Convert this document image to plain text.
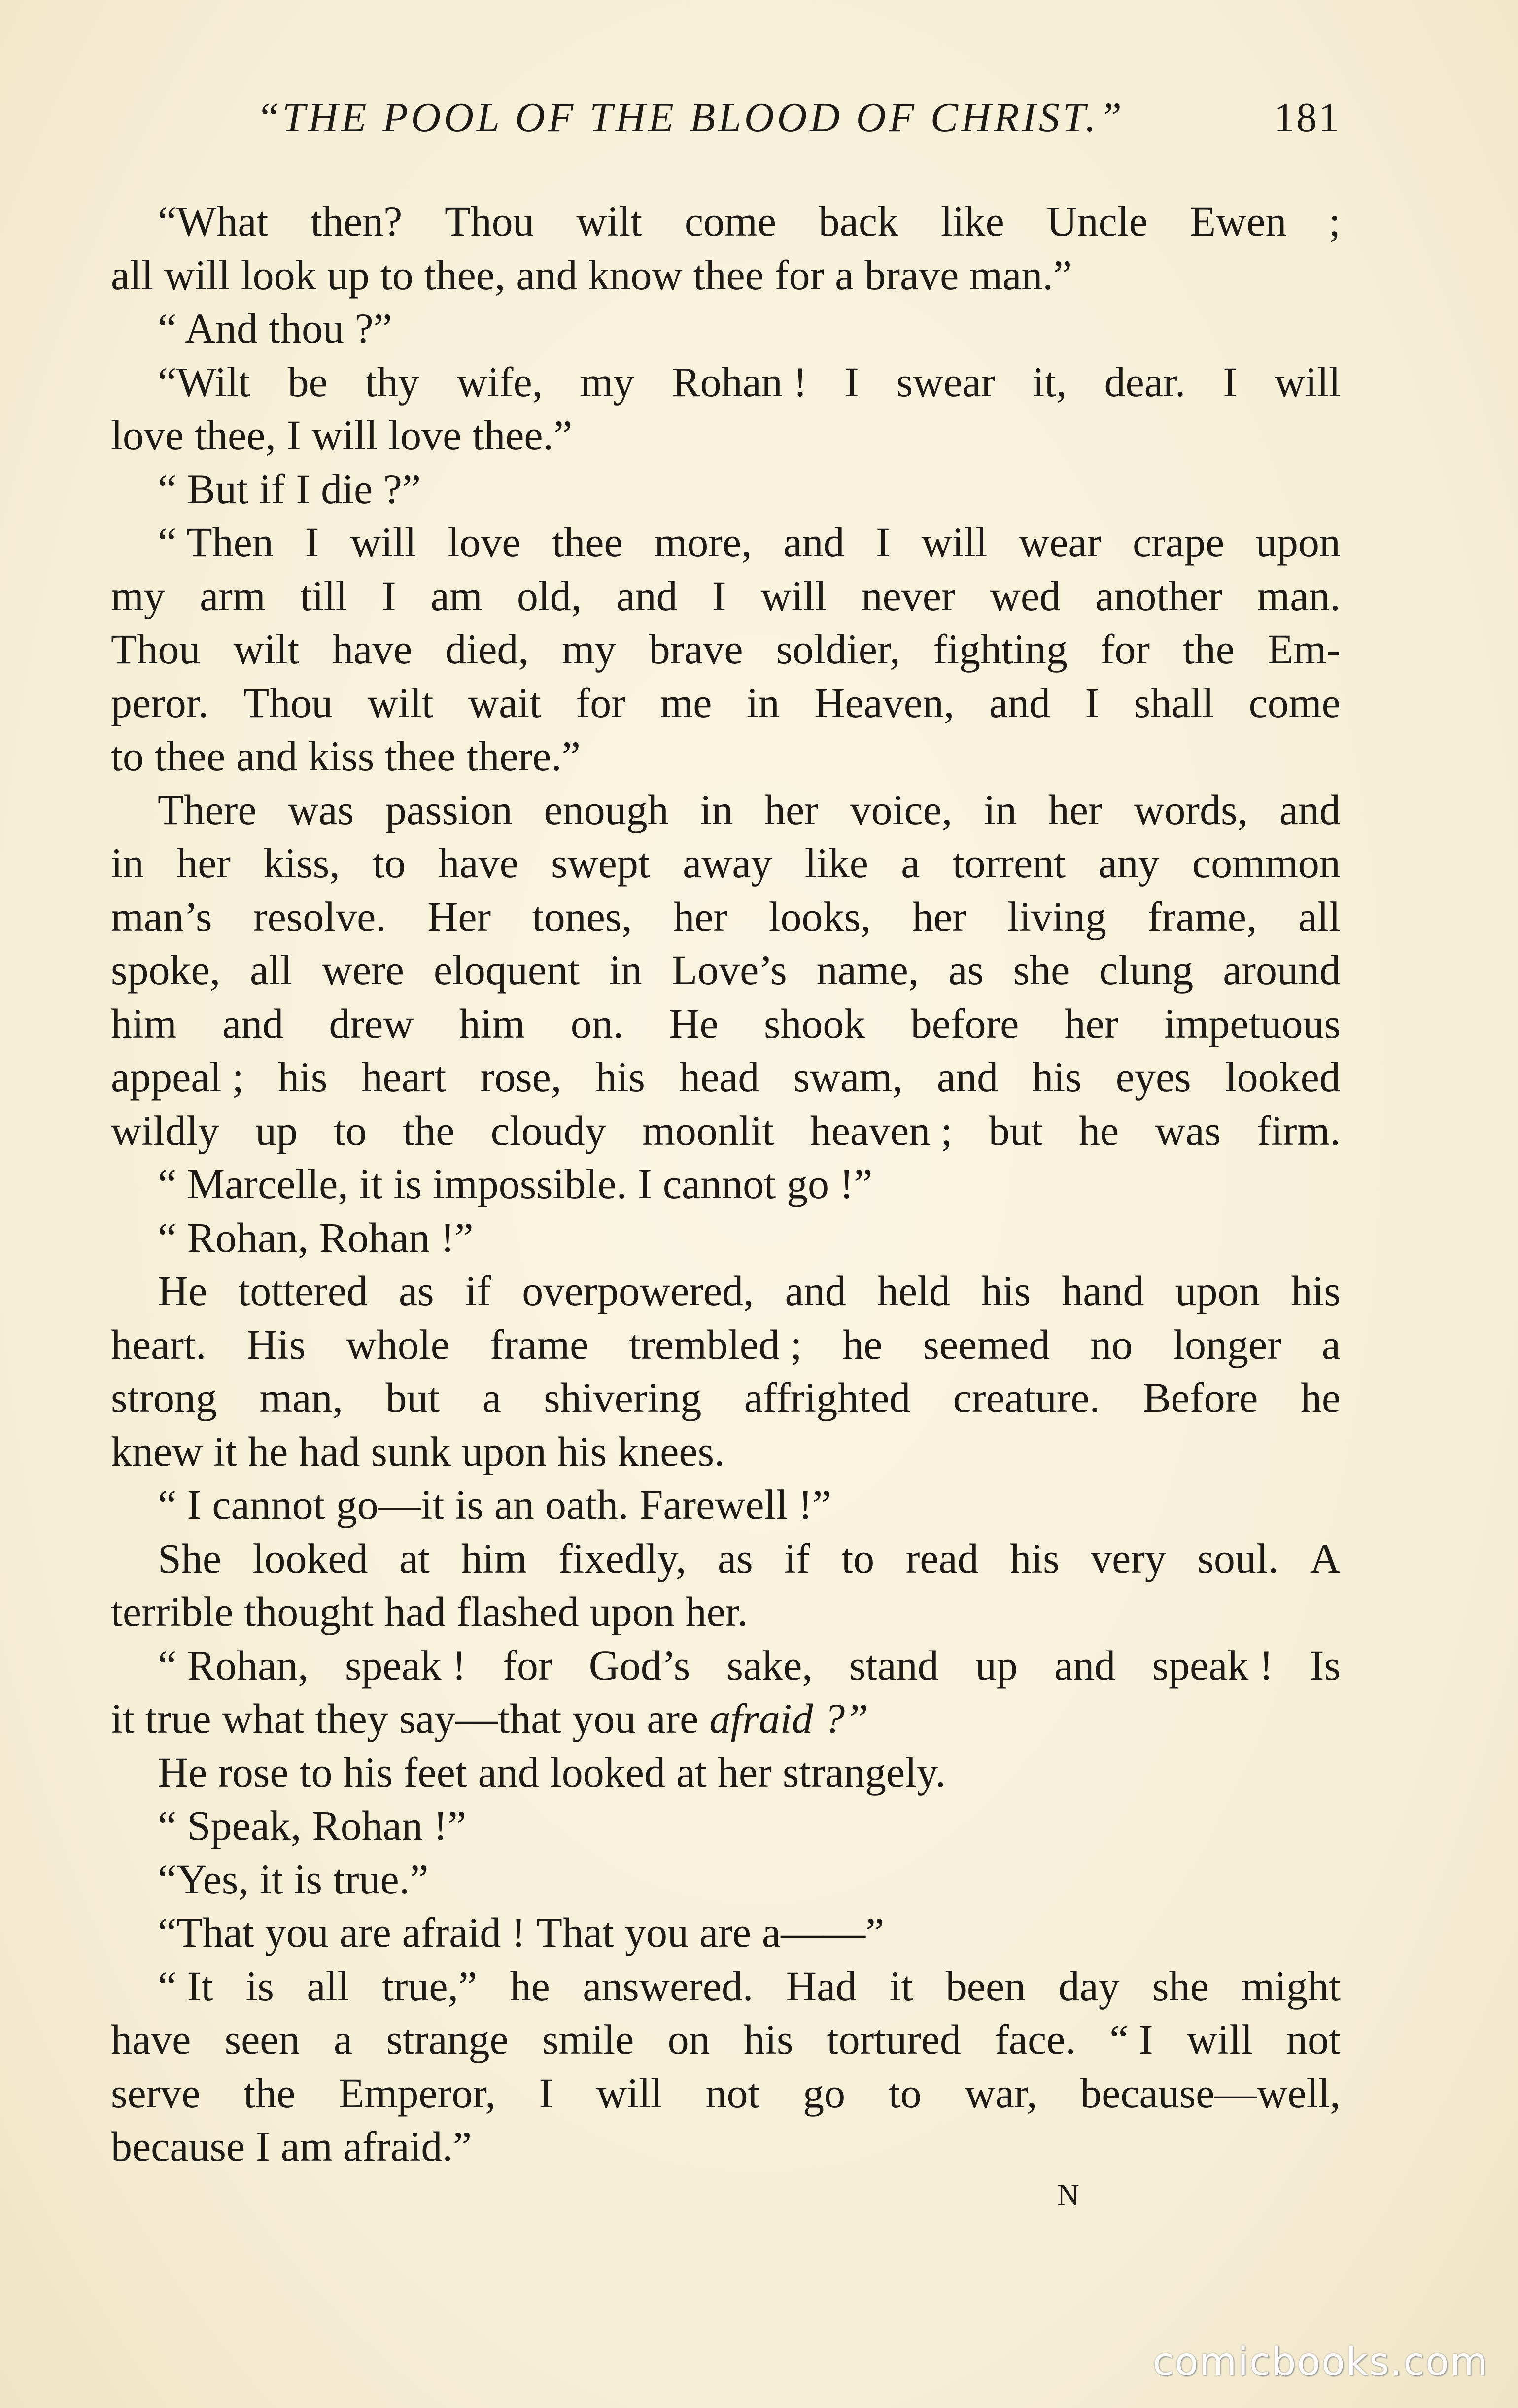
“THE POOL OF THE BLOOD OF CHRIST.”	181
“What then? Thou wilt come back like Uncle Ewen ;
all will look up to thee, and know thee for a brave man.”
“ And thou ?”
“Wilt be thy wife, my Rohan ! I swear it, dear. I will
love thee, I will love thee.”
“ But if I die ?”
“ Then I will love thee more, and I will wear crape upon
my arm till I am old, and I will never wed another man.
Thou wilt have died, my brave soldier, fighting for the Em-
peror. Thou wilt wait for me in Heaven, and I shall come
to thee and kiss thee there.”
There was passion enough in her voice, in her words, and
in her kiss, to have swept away like a torrent any common
man’s resolve. Her tones, her looks, her living frame, all
spoke, all were eloquent in Love’s name, as she clung around
him and drew him on. He shook before her impetuous
appeal ; his heart rose, his head swam, and his eyes looked
wildly up to the cloudy moonlit heaven ; but he was firm.
“ Marcelle, it is impossible. I cannot go !”
“ Rohan, Rohan !”
He tottered as if overpowered, and held his hand upon his
heart. His whole frame trembled ; he seemed no longer a
strong man, but a shivering affrighted creature. Before he
knew it he had sunk upon his knees.
“ I cannot go—it is an oath. Farewell !”
She looked at him fixedly, as if to read his very soul. A
terrible thought had flashed upon her.
“ Rohan, speak ! for God’s sake, stand up and speak ! Is
it true what they say—that you are afraid ?”
He rose to his feet and looked at her strangely.
“ Speak, Rohan !”
“Yes, it is true.”
“That you are afraid ! That you are a——”
“ It is all true,” he answered. Had it been day she might
have seen a strange smile on his tortured face. “ I will not
serve the Emperor, I will not go to war, because—well,
because I am afraid.”
N
comicbooks.com
